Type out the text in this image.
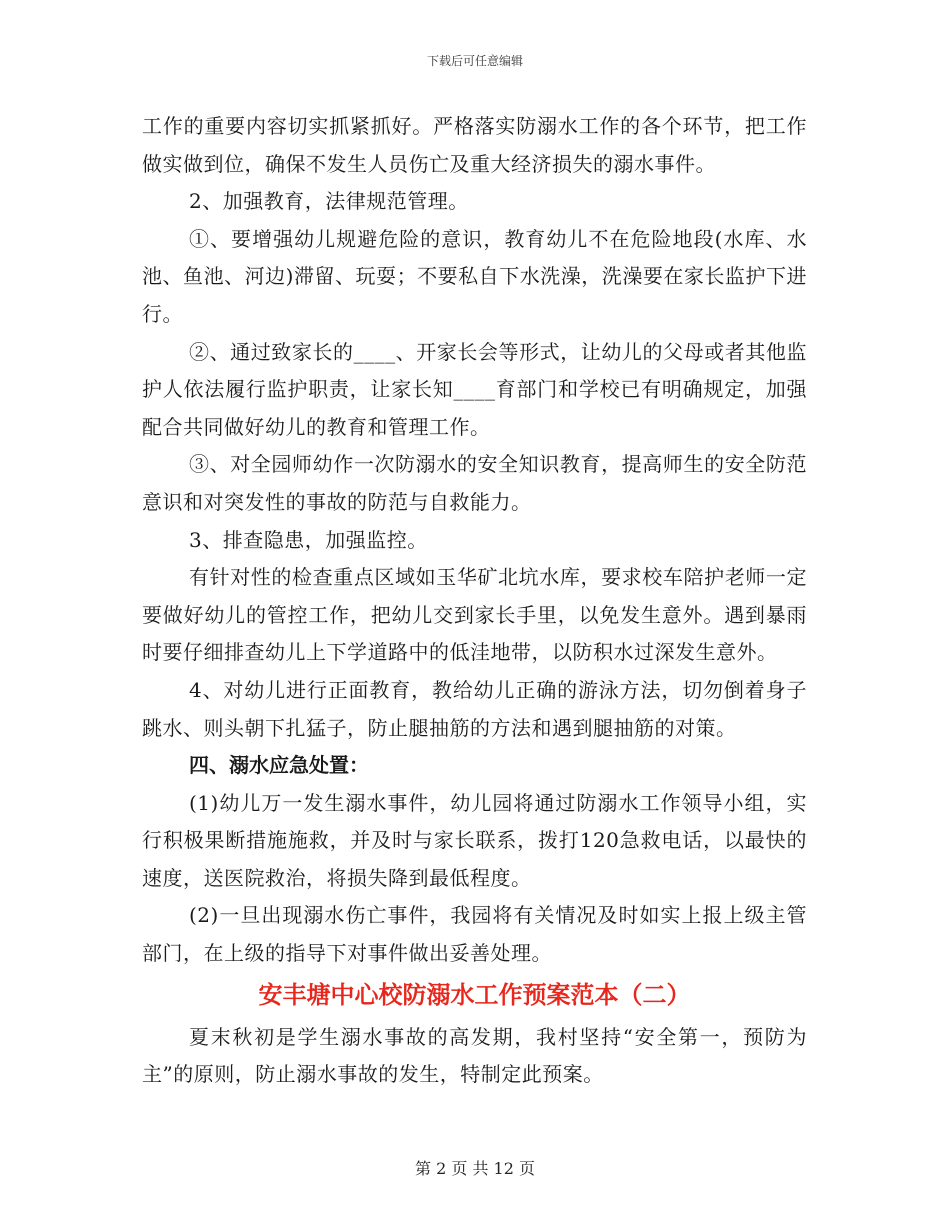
下载后可任意编辑

工作的重要内容切实抓紧抓好。严格落实防溺水工作的各个环节，把工作做实做到位，确保不发生人员伤亡及重大经济损失的溺水事件。

2、加强教育，法律规范管理。

①、要增强幼儿规避危险的意识，教育幼儿不在危险地段(水库、水池、鱼池、河边)滞留、玩耍；不要私自下水洗澡，洗澡要在家长监护下进行。

②、通过致家长的____、开家长会等形式，让幼儿的父母或者其他监护人依法履行监护职责，让家长知____育部门和学校已有明确规定，加强配合共同做好幼儿的教育和管理工作。

③、对全园师幼作一次防溺水的安全知识教育，提高师生的安全防范意识和对突发性的事故的防范与自救能力。

3、排查隐患，加强监控。

有针对性的检查重点区域如玉华矿北坑水库，要求校车陪护老师一定要做好幼儿的管控工作，把幼儿交到家长手里，以免发生意外。遇到暴雨时要仔细排查幼儿上下学道路中的低洼地带，以防积水过深发生意外。

4、对幼儿进行正面教育，教给幼儿正确的游泳方法，切勿倒着身子跳水、则头朝下扎猛子，防止腿抽筋的方法和遇到腿抽筋的对策。

四、溺水应急处置：

(1)幼儿万一发生溺水事件，幼儿园将通过防溺水工作领导小组，实行积极果断措施施救，并及时与家长联系，拨打120急救电话，以最快的速度，送医院救治，将损失降到最低程度。

(2)一旦出现溺水伤亡事件，我园将有关情况及时如实上报上级主管部门，在上级的指导下对事件做出妥善处理。

安丰塘中心校防溺水工作预案范本（二）

夏末秋初是学生溺水事故的高发期，我村坚持“安全第一，预防为主”的原则，防止溺水事故的发生，特制定此预案。

第 2 页 共 12 页
